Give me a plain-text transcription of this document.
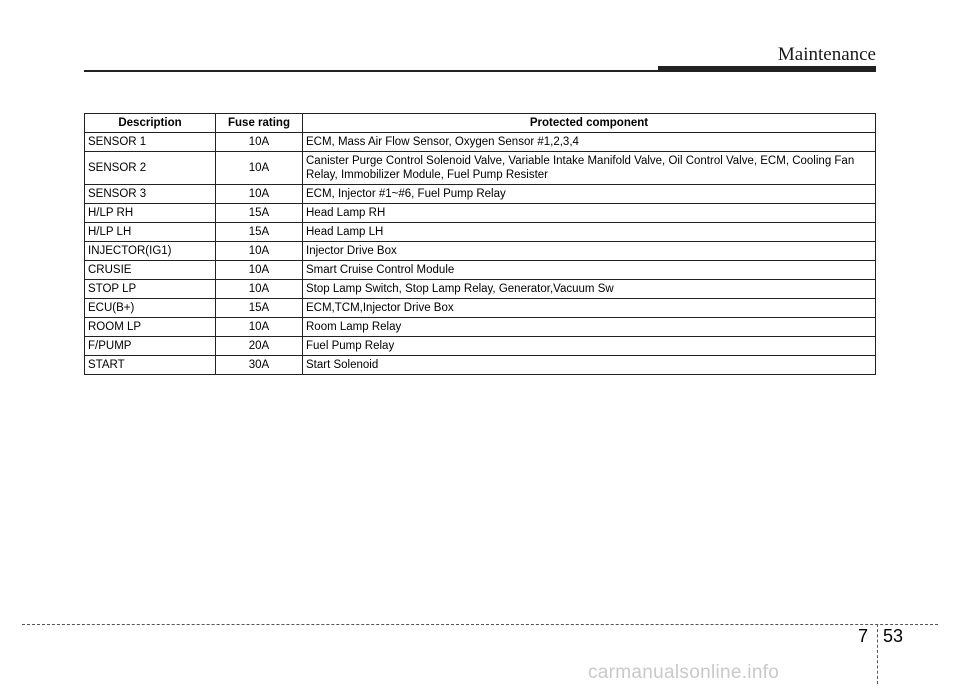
Maintenance
Description	Fuse rating	Protected component
SENSOR 1	10A	ECM, Mass Air Flow Sensor, Oxygen Sensor #1,2,3,4
SENSOR 2	10A	Canister Purge Control Solenoid Valve, Variable Intake Manifold Valve, Oil Control Valve, ECM, Cooling Fan Relay, Immobilizer Module, Fuel Pump Resister
SENSOR 3	10A	ECM, Injector #1~#6, Fuel Pump Relay
H/LP RH	15A	Head Lamp RH
H/LP LH	15A	Head Lamp LH
INJECTOR(IG1)	10A	Injector Drive Box
CRUSIE	10A	Smart Cruise Control Module
STOP LP	10A	Stop Lamp Switch, Stop Lamp Relay, Generator,Vacuum Sw
ECU(B+)	15A	ECM,TCM,Injector Drive Box
ROOM LP	10A	Room Lamp Relay
F/PUMP	20A	Fuel Pump Relay
START	30A	Start Solenoid
7 53
carmanualsonline.info
